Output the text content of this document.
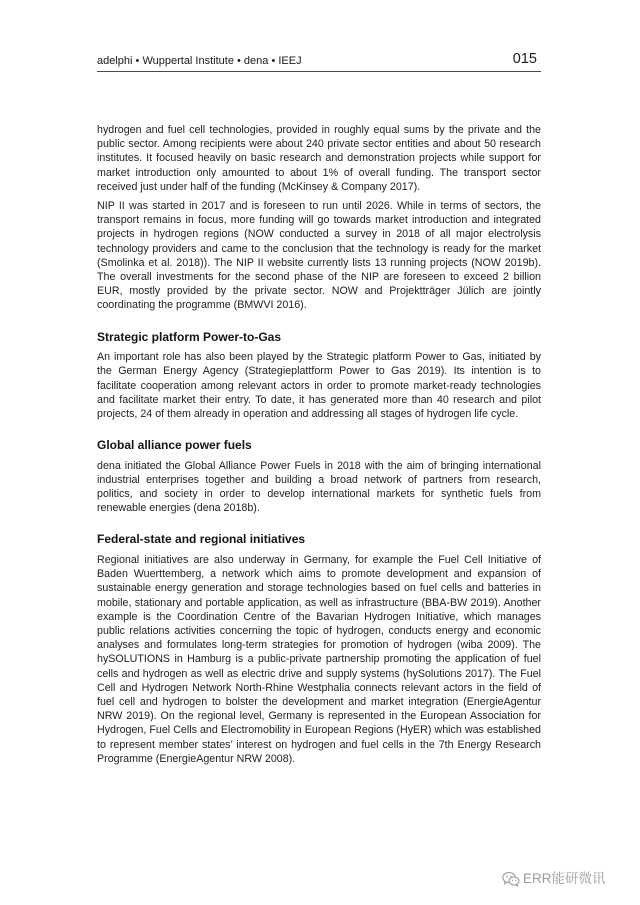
adelphi • Wuppertal Institute • dena • IEEJ	015

hydrogen and fuel cell technologies, provided in roughly equal sums by the private and the public sector. Among recipients were about 240 private sector entities and about 50 research institutes. It focused heavily on basic research and demonstration projects while support for market introduction only amounted to about 1% of overall funding. The transport sector received just under half of the funding (McKinsey & Company 2017).

NIP II was started in 2017 and is foreseen to run until 2026. While in terms of sectors, the transport remains in focus, more funding will go towards market introduction and integrated projects in hydrogen regions (NOW conducted a survey in 2018 of all major electrolysis technology providers and came to the conclusion that the technology is ready for the market (Smolinka et al. 2018)). The NIP II website currently lists 13 running projects (NOW 2019b). The overall investments for the second phase of the NIP are foreseen to exceed 2 billion EUR, mostly provided by the private sector. NOW and Projektträger Jülich are jointly coordinating the programme (BMWVI 2016).

Strategic platform Power-to-Gas

An important role has also been played by the Strategic platform Power to Gas, initiated by the German Energy Agency (Strategieplattform Power to Gas 2019). Its intention is to facilitate cooperation among relevant actors in order to promote market-ready technologies and facilitate market their entry. To date, it has generated more than 40 research and pilot projects, 24 of them already in operation and addressing all stages of hydrogen life cycle.

Global alliance power fuels

dena initiated the Global Alliance Power Fuels in 2018 with the aim of bringing international industrial enterprises together and building a broad network of partners from research, politics, and society in order to develop international markets for synthetic fuels from renewable energies (dena 2018b).

Federal-state and regional initiatives

Regional initiatives are also underway in Germany, for example the Fuel Cell Initiative of Baden Wuerttemberg, a network which aims to promote development and expansion of sustainable energy generation and storage technologies based on fuel cells and batteries in mobile, stationary and portable application, as well as infrastructure (BBA-BW 2019). Another example is the Coordination Centre of the Bavarian Hydrogen Initiative, which manages public relations activities concerning the topic of hydrogen, conducts energy and economic analyses and formulates long-term strategies for promotion of hydrogen (wiba 2009). The hySOLUTIONS in Hamburg is a public-private partnership promoting the application of fuel cells and hydrogen as well as electric drive and supply systems (hySolutions 2017). The Fuel Cell and Hydrogen Network North-Rhine Westphalia connects relevant actors in the field of fuel cell and hydrogen to bolster the development and market integration (EnergieAgentur NRW 2019). On the regional level, Germany is represented in the European Association for Hydrogen, Fuel Cells and Electromobility in European Regions (HyER) which was established to represent member states’ interest on hydrogen and fuel cells in the 7th Energy Research Programme (EnergieAgentur NRW 2008).

ERR能研微讯
